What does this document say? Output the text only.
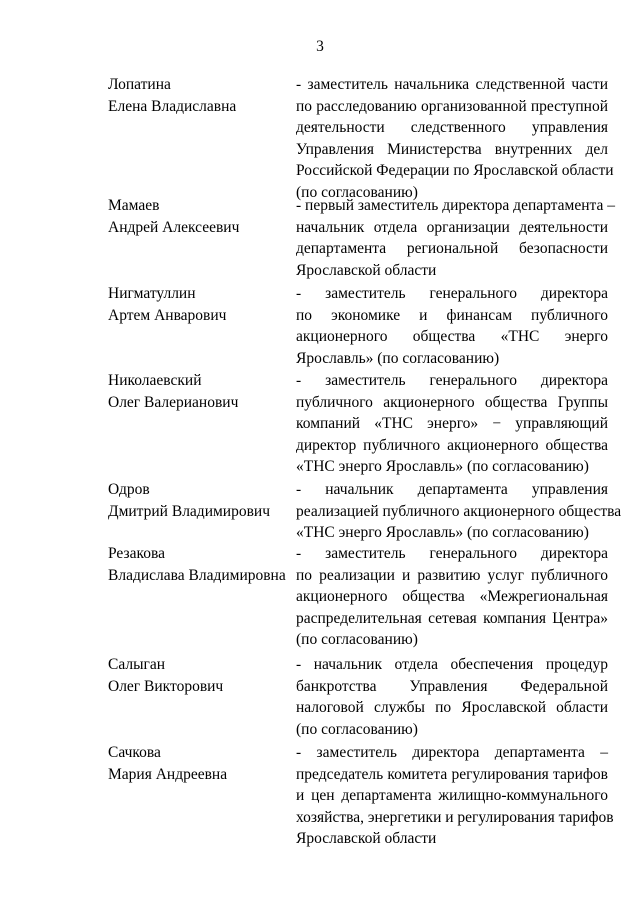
3
Лопатина
Елена Владиславна
- заместитель начальника следственной части
по расследованию организованной преступной
деятельности следственного управления
Управления Министерства внутренних дел
Российской Федерации по Ярославской области
(по согласованию)
Мамаев
Андрей Алексеевич
- первый заместитель директора департамента –
начальник отдела организации деятельности
департамента региональной безопасности
Ярославской области
Нигматуллин
Артем Анварович
- заместитель генерального директора
по экономике и финансам публичного
акционерного общества «ТНС энерго
Ярославль» (по согласованию)
Николаевский
Олег Валерианович
- заместитель генерального директора
публичного акционерного общества Группы
компаний «ТНС энерго» − управляющий
директор публичного акционерного общества
«ТНС энерго Ярославль» (по согласованию)
Одров
Дмитрий Владимирович
- начальник департамента управления
реализацией публичного акционерного общества
«ТНС энерго Ярославль» (по согласованию)
Резакова
Владислава Владимировна
- заместитель генерального директора
по реализации и развитию услуг публичного
акционерного общества «Межрегиональная
распределительная сетевая компания Центра»
(по согласованию)
Салыган
Олег Викторович
- начальник отдела обеспечения процедур
банкротства Управления Федеральной
налоговой службы по Ярославской области
(по согласованию)
Сачкова
Мария Андреевна
- заместитель директора департамента –
председатель комитета регулирования тарифов
и цен департамента жилищно-коммунального
хозяйства, энергетики и регулирования тарифов
Ярославской области
